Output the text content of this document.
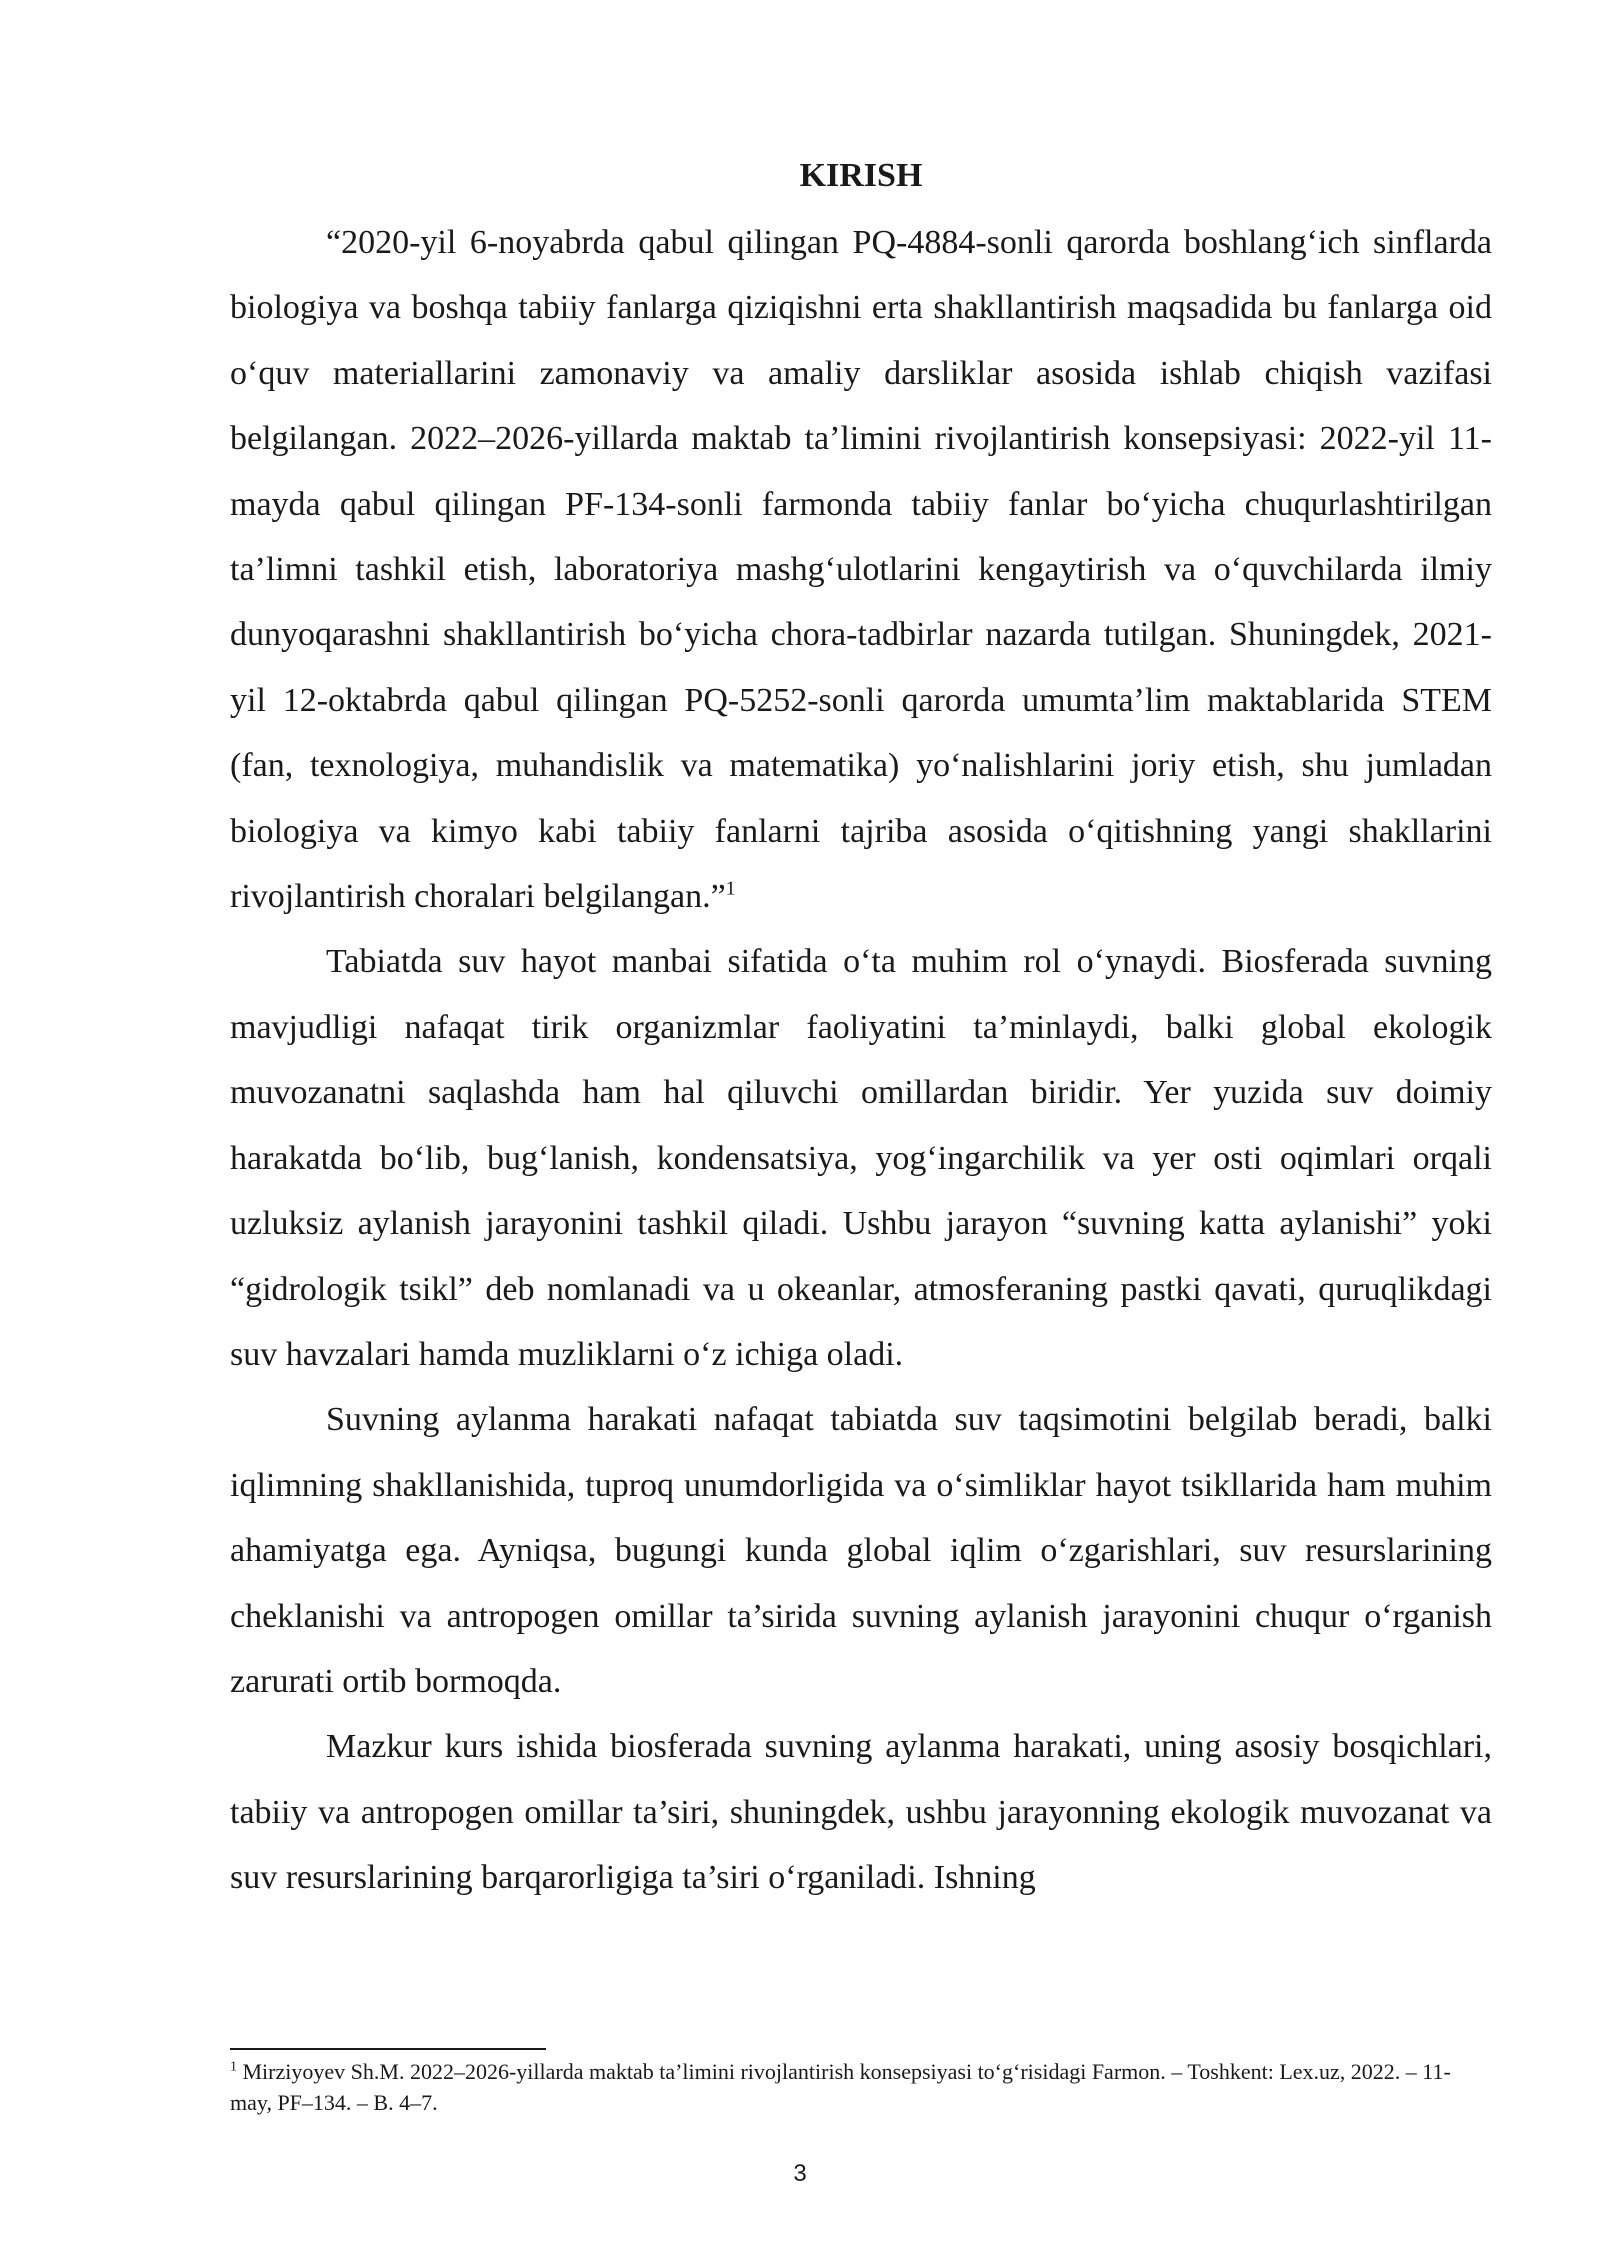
KIRISH

“2020-yil 6-noyabrda qabul qilingan PQ-4884-sonli qarorda boshlang‘ich sinflarda biologiya va boshqa tabiiy fanlarga qiziqishni erta shakllantirish maqsadida bu fanlarga oid o‘quv materiallarini zamonaviy va amaliy darsliklar asosida ishlab chiqish vazifasi belgilangan. 2022–2026-yillarda maktab ta’limini rivojlantirish konsepsiyasi: 2022-yil 11-mayda qabul qilingan PF-134-sonli farmonda tabiiy fanlar bo‘yicha chuqurlashtirilgan ta’limni tashkil etish, laboratoriya mashg‘ulotlarini kengaytirish va o‘quvchilarda ilmiy dunyoqarashni shakllantirish bo‘yicha chora-tadbirlar nazarda tutilgan. Shuningdek, 2021-yil 12-oktabrda qabul qilingan PQ-5252-sonli qarorda umumta’lim maktablarida STEM (fan, texnologiya, muhandislik va matematika) yo‘nalishlarini joriy etish, shu jumladan biologiya va kimyo kabi tabiiy fanlarni tajriba asosida o‘qitishning yangi shakllarini rivojlantirish choralari belgilangan.”$^1$

Tabiatda suv hayot manbai sifatida o‘ta muhim rol o‘ynaydi. Biosferada suvning mavjudligi nafaqat tirik organizmlar faoliyatini ta’minlaydi, balki global ekologik muvozanatni saqlashda ham hal qiluvchi omillardan biridir. Yer yuzida suv doimiy harakatda bo‘lib, bug‘lanish, kondensatsiya, yog‘ingarchilik va yer osti oqimlari orqali uzluksiz aylanish jarayonini tashkil qiladi. Ushbu jarayon “suvning katta aylanishi” yoki “gidrologik tsikl” deb nomlanadi va u okeanlar, atmosferaning pastki qavati, quruqlikdagi suv havzalari hamda muzliklarni o‘z ichiga oladi.

Suvning aylanma harakati nafaqat tabiatda suv taqsimotini belgilab beradi, balki iqlimning shakllanishida, tuproq unumdorligida va o‘simliklar hayot tsikllarida ham muhim ahamiyatga ega. Ayniqsa, bugungi kunda global iqlim o‘zgarishlari, suv resurslarining cheklanishi va antropogen omillar ta’sirida suvning aylanish jarayonini chuqur o‘rganish zarurati ortib bormoqda.

Mazkur kurs ishida biosferada suvning aylanma harakati, uning asosiy bosqichlari, tabiiy va antropogen omillar ta’siri, shuningdek, ushbu jarayonning ekologik muvozanat va suv resurslarining barqarorligiga ta’siri o‘rganiladi. Ishning

$^1$ Mirziyoyev Sh.M. 2022–2026-yillarda maktab ta’limini rivojlantirish konsepsiyasi to‘g‘risidagi Farmon. – Toshkent: Lex.uz, 2022. – 11-may, PF–134. – B. 4–7.

3
